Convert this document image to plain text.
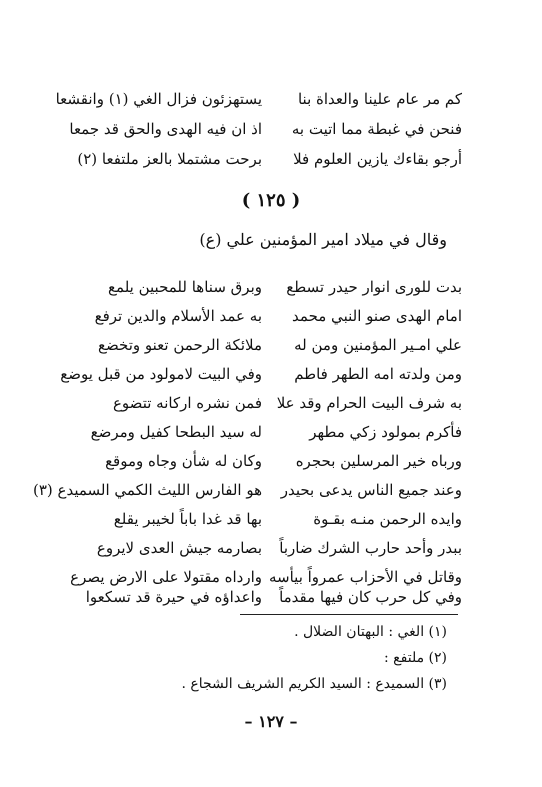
كم مر عام علينا والعداة بنا
يستهزئون فزال الغي (١) وانقشعا
فنحن في غبطة مما اتيت به
اذ ان فيه الهدى والحق قد جمعا
أرجو بقاءك يازين العلوم فلا
برحت مشتملا بالعز ملتفعا (٢)
( ١٢٥ )
وقال في ميلاد امير المؤمنين علي (ع)
بدت للورى انوار حيدر تسطع
وبرق سناها للمحبين يلمع
امام الهدى صنو النبي محمد
به عمد الأسلام والدين ترفع
علي امـير المؤمنين ومن له
ملائكة الرحمن تعنو وتخضع
ومن ولدته امه الطهر فاطم
وفي البيت لامولود من قبل يوضع
به شرف البيت الحرام وقد علا
فمن نشره اركانه تتضوع
فأكرم بمولود زكي مطهر
له سيد البطحا كفيل ومرضع
ورباه خير المرسلين بحجره
وكان له شأن وجاه وموقع
وعند جميع الناس يدعى بحيدر
هو الفارس الليث الكمي السميدع (٣)
وايده الرحمن منـه بقـوة
بها قد غدا باباً لخيبر يقلع
ببدر وأحد حارب الشرك ضارباً
بصارمه جيش العدى لايروع
وقاتل في الأحزاب عمرواً بيأسه
وارداه مقتولا على الارض يصرع
وفي كل حرب كان فيها مقدماً
واعداؤه في حيرة قد تسكعوا
(١) الغي : البهتان الضلال .
(٢) ملتفع :
(٣) السميدع : السيد الكريم الشريف الشجاع .
– ١٢٧ –
